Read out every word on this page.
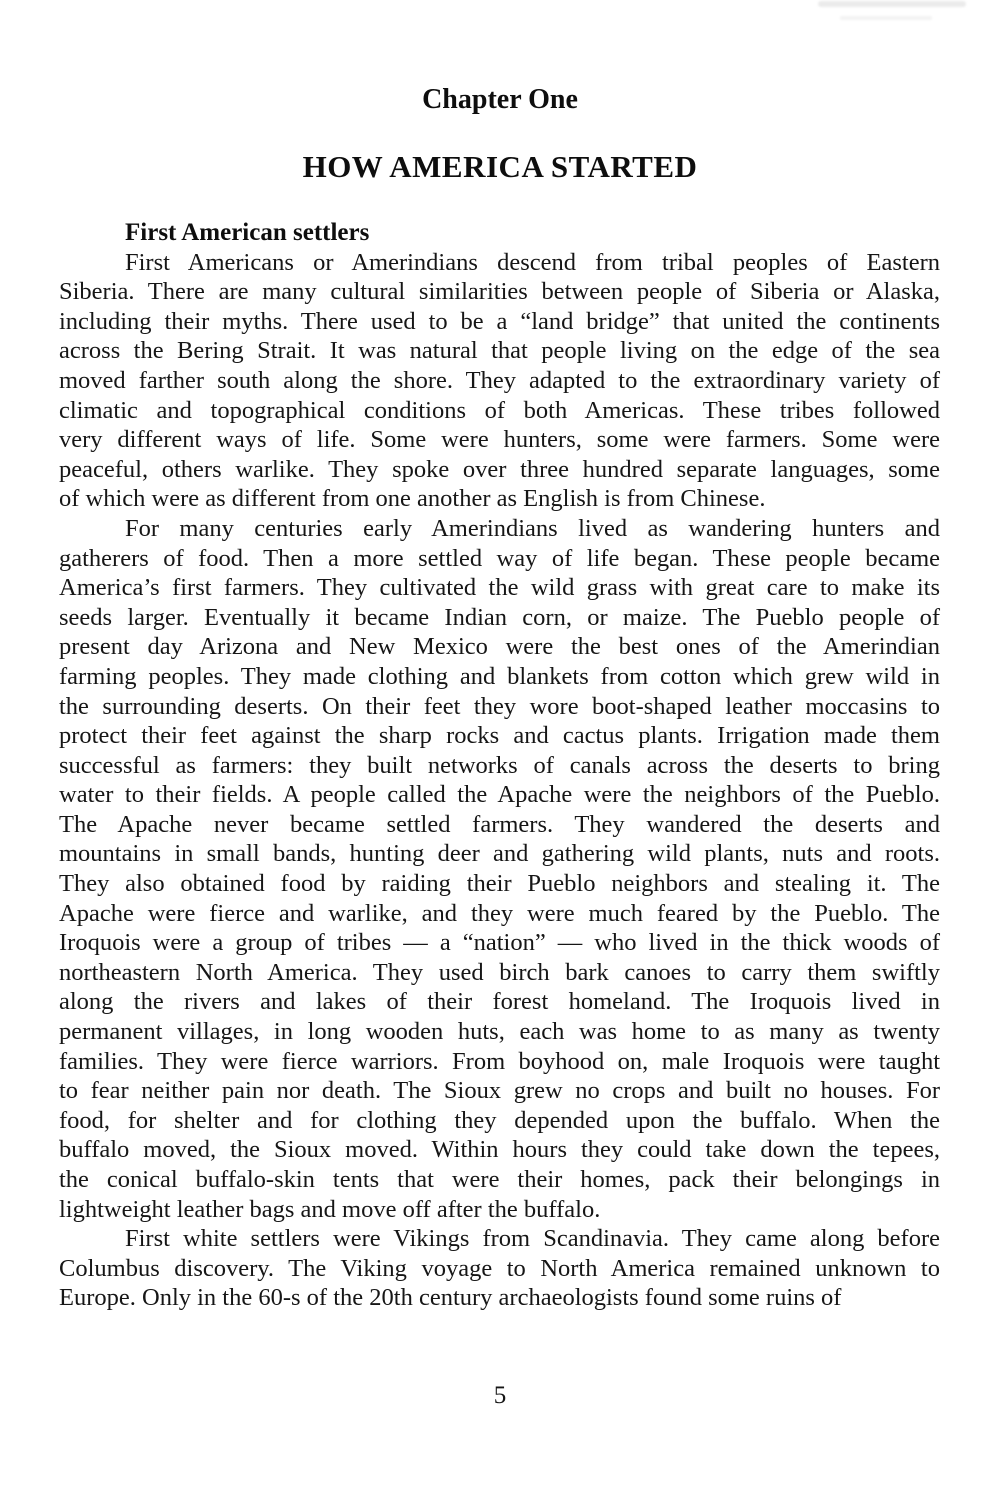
Chapter One
HOW AMERICA STARTED
First American settlers
First Americans or Amerindians descend from tribal peoples of Eastern
Siberia. There are many cultural similarities between people of Siberia or Alaska,
including their myths. There used to be a “land bridge” that united the continents
across the Bering Strait. It was natural that people living on the edge of the sea
moved farther south along the shore. They adapted to the extraordinary variety of
climatic and topographical conditions of both Americas. These tribes followed
very different ways of life. Some were hunters, some were farmers. Some were
peaceful, others warlike. They spoke over three hundred separate languages, some
of which were as different from one another as English is from Chinese.
For many centuries early Amerindians lived as wandering hunters and
gatherers of food. Then a more settled way of life began. These people became
America’s first farmers. They cultivated the wild grass with great care to make its
seeds larger. Eventually it became Indian corn, or maize. The Pueblo people of
present day Arizona and New Mexico were the best ones of the Amerindian
farming peoples. They made clothing and blankets from cotton which grew wild in
the surrounding deserts. On their feet they wore boot-shaped leather moccasins to
protect their feet against the sharp rocks and cactus plants. Irrigation made them
successful as farmers: they built networks of canals across the deserts to bring
water to their fields. A people called the Apache were the neighbors of the Pueblo.
The Apache never became settled farmers. They wandered the deserts and
mountains in small bands, hunting deer and gathering wild plants, nuts and roots.
They also obtained food by raiding their Pueblo neighbors and stealing it. The
Apache were fierce and warlike, and they were much feared by the Pueblo. The
Iroquois were a group of tribes — a “nation” — who lived in the thick woods of
northeastern North America. They used birch bark canoes to carry them swiftly
along the rivers and lakes of their forest homeland. The Iroquois lived in
permanent villages, in long wooden huts, each was home to as many as twenty
families. They were fierce warriors. From boyhood on, male Iroquois were taught
to fear neither pain nor death. The Sioux grew no crops and built no houses. For
food, for shelter and for clothing they depended upon the buffalo. When the
buffalo moved, the Sioux moved. Within hours they could take down the tepees,
the conical buffalo-skin tents that were their homes, pack their belongings in
lightweight leather bags and move off after the buffalo.
First white settlers were Vikings from Scandinavia. They came along before
Columbus discovery. The Viking voyage to North America remained unknown to
Europe. Only in the 60-s of the 20th century archaeologists found some ruins of
5
